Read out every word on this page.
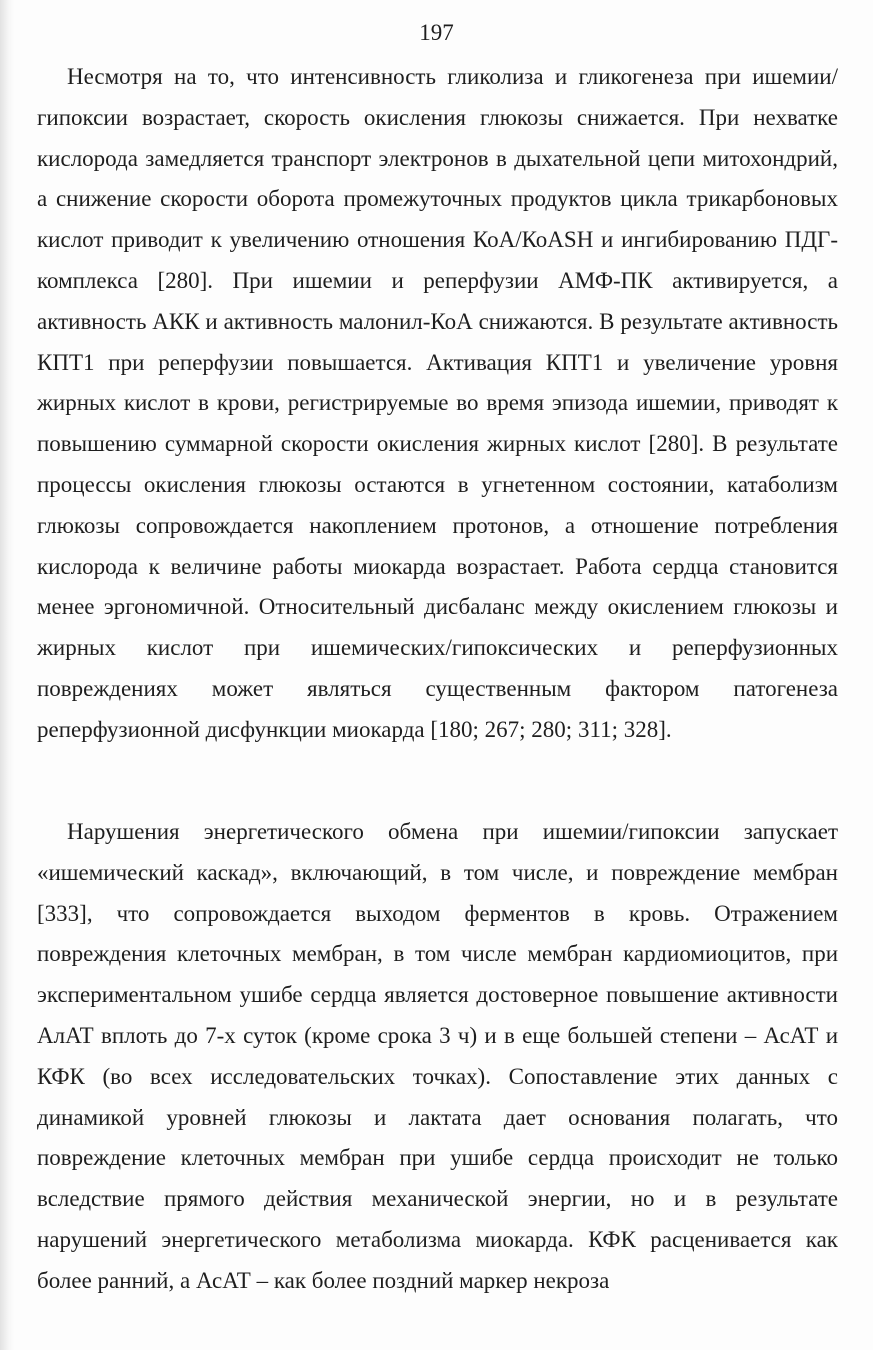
197

Несмотря на то, что интенсивность гликолиза и гликогенеза при ишемии/гипоксии возрастает, скорость окисления глюкозы снижается. При нехватке кислорода замедляется транспорт электронов в дыхательной цепи митохондрий, а снижение скорости оборота промежуточных продуктов цикла трикарбоновых кислот приводит к увеличению отношения КоА/КоASH и ингибированию ПДГ-комплекса [280]. При ишемии и реперфузии АМФ-ПК активируется, а активность АКК и активность малонил-КоА снижаются. В результате активность КПТ1 при реперфузии повышается. Активация КПТ1 и увеличение уровня жирных кислот в крови, регистрируемые во время эпизода ишемии, приводят к повышению суммарной скорости окисления жирных кислот [280]. В результате процессы окисления глюкозы остаются в угнетенном состоянии, катаболизм глюкозы сопровождается накоплением протонов, а отношение потребления кислорода к величине работы миокарда возрастает. Работа сердца становится менее эргономичной. Относительный дисбаланс между окислением глюкозы и жирных кислот при ишемических/гипоксических и реперфузионных повреждениях может являться существенным фактором патогенеза реперфузионной дисфункции миокарда [180; 267; 280; 311; 328].

Нарушения энергетического обмена при ишемии/гипоксии запускает «ишемический каскад», включающий, в том числе, и повреждение мембран [333], что сопровождается выходом ферментов в кровь. Отражением повреждения клеточных мембран, в том числе мембран кардиомиоцитов, при экспериментальном ушибе сердца является достоверное повышение активности АлАТ вплоть до 7-х суток (кроме срока 3 ч) и в еще большей степени – АсАТ и КФК (во всех исследовательских точках). Сопоставление этих данных с динамикой уровней глюкозы и лактата дает основания полагать, что повреждение клеточных мембран при ушибе сердца происходит не только вследствие прямого действия механической энергии, но и в результате нарушений энергетического метаболизма миокарда. КФК расценивается как более ранний, а АсАТ – как более поздний маркер некроза
